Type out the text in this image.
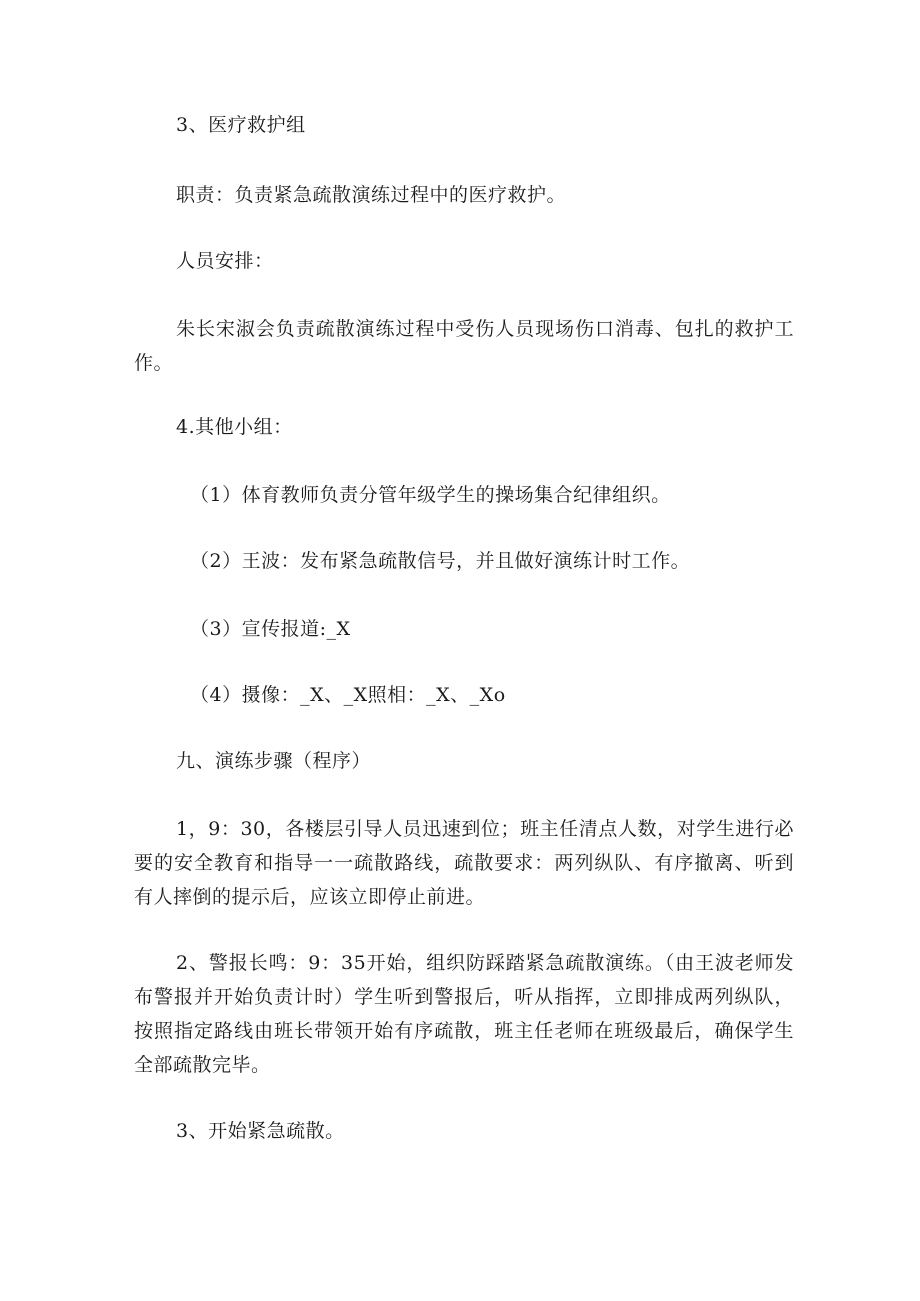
3、医疗救护组

职责：负责紧急疏散演练过程中的医疗救护。

人员安排：

朱长宋淑会负责疏散演练过程中受伤人员现场伤口消毒、包扎的救护工作。

4.其他小组：

（1）体育教师负责分管年级学生的操场集合纪律组织。

（2）王波：发布紧急疏散信号，并且做好演练计时工作。

（3）宣传报道:_X

（4）摄像：_X、_X照相：_X、_Xo

九、演练步骤（程序）

1，9：30，各楼层引导人员迅速到位；班主任清点人数，对学生进行必要的安全教育和指导一一疏散路线，疏散要求：两列纵队、有序撤离、听到有人摔倒的提示后，应该立即停止前进。

2、警报长鸣：9：35开始，组织防踩踏紧急疏散演练。（由王波老师发布警报并开始负责计时）学生听到警报后，听从指挥，立即排成两列纵队，按照指定路线由班长带领开始有序疏散，班主任老师在班级最后，确保学生全部疏散完毕。

3、开始紧急疏散。
